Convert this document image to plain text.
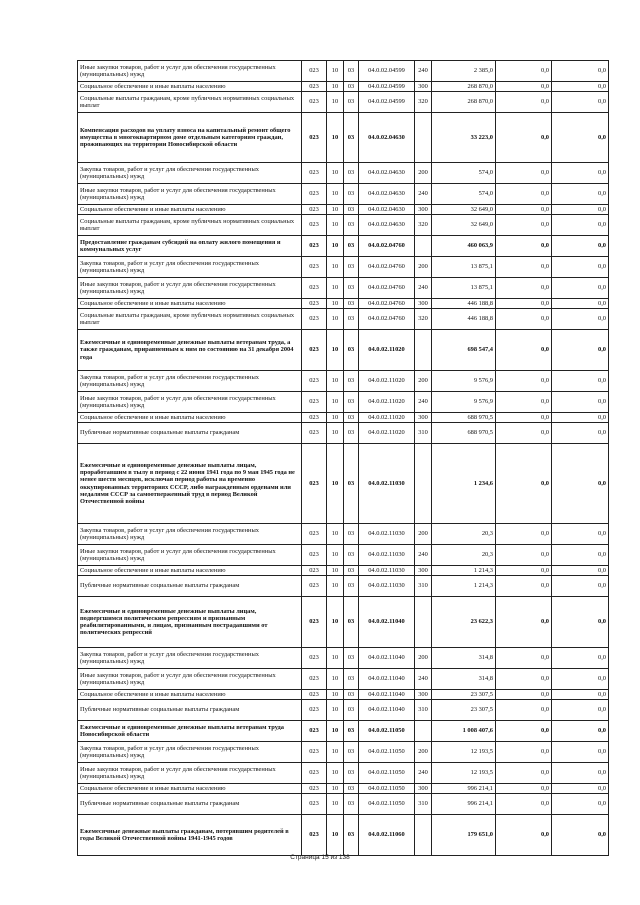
Иные закупки товаров, работ и услуг для обеспечения государственных (муниципальных) нужд	023	10	03	04.0.02.04599	240	2 385,0	0,0	0,0
Социальное обеспечение и иные выплаты населению	023	10	03	04.0.02.04599	300	268 870,0	0,0	0,0
Социальные выплаты гражданам, кроме публичных нормативных социальных выплат	023	10	03	04.0.02.04599	320	268 870,0	0,0	0,0
Компенсация расходов на уплату взноса на капитальный ремонт общего имущества в многоквартирном доме отдельным категориям граждан, проживающих на территории Новосибирской области	023	10	03	04.0.02.04630		33 223,0	0,0	0,0
Закупка товаров, работ и услуг для обеспечения государственных (муниципальных) нужд	023	10	03	04.0.02.04630	200	574,0	0,0	0,0
Иные закупки товаров, работ и услуг для обеспечения государственных (муниципальных) нужд	023	10	03	04.0.02.04630	240	574,0	0,0	0,0
Социальное обеспечение и иные выплаты населению	023	10	03	04.0.02.04630	300	32 649,0	0,0	0,0
Социальные выплаты гражданам, кроме публичных нормативных социальных выплат	023	10	03	04.0.02.04630	320	32 649,0	0,0	0,0
Предоставление гражданам субсидий на оплату жилого помещения и коммунальных услуг	023	10	03	04.0.02.04760		460 063,9	0,0	0,0
Закупка товаров, работ и услуг для обеспечения государственных (муниципальных) нужд	023	10	03	04.0.02.04760	200	13 875,1	0,0	0,0
Иные закупки товаров, работ и услуг для обеспечения государственных (муниципальных) нужд	023	10	03	04.0.02.04760	240	13 875,1	0,0	0,0
Социальное обеспечение и иные выплаты населению	023	10	03	04.0.02.04760	300	446 188,8	0,0	0,0
Социальные выплаты гражданам, кроме публичных нормативных социальных выплат	023	10	03	04.0.02.04760	320	446 188,8	0,0	0,0
Ежемесячные и единовременные денежные выплаты ветеранам труда, а также гражданам, приравненным к ним по состоянию на 31 декабря 2004 года	023	10	03	04.0.02.11020		698 547,4	0,0	0,0
Закупка товаров, работ и услуг для обеспечения государственных (муниципальных) нужд	023	10	03	04.0.02.11020	200	9 576,9	0,0	0,0
Иные закупки товаров, работ и услуг для обеспечения государственных (муниципальных) нужд	023	10	03	04.0.02.11020	240	9 576,9	0,0	0,0
Социальное обеспечение и иные выплаты населению	023	10	03	04.0.02.11020	300	688 970,5	0,0	0,0
Публичные нормативные социальные выплаты гражданам	023	10	03	04.0.02.11020	310	688 970,5	0,0	0,0
Ежемесячные и единовременные денежные выплаты лицам, проработавшим в тылу в период с 22 июня 1941 года по 9 мая 1945 года не менее шести месяцев, исключая период работы на временно оккупированных территориях СССР, либо награжденным орденами или медалями СССР за самоотверженный труд в период Великой Отечественной войны	023	10	03	04.0.02.11030		1 234,6	0,0	0,0
Закупка товаров, работ и услуг для обеспечения государственных (муниципальных) нужд	023	10	03	04.0.02.11030	200	20,3	0,0	0,0
Иные закупки товаров, работ и услуг для обеспечения государственных (муниципальных) нужд	023	10	03	04.0.02.11030	240	20,3	0,0	0,0
Социальное обеспечение и иные выплаты населению	023	10	03	04.0.02.11030	300	1 214,3	0,0	0,0
Публичные нормативные социальные выплаты гражданам	023	10	03	04.0.02.11030	310	1 214,3	0,0	0,0
Ежемесячные и единовременные денежные выплаты лицам, подвергшимся политическим репрессиям и признанным реабилитированными, и лицам, признанным пострадавшими от политических репрессий	023	10	03	04.0.02.11040		23 622,3	0,0	0,0
Закупка товаров, работ и услуг для обеспечения государственных (муниципальных) нужд	023	10	03	04.0.02.11040	200	314,8	0,0	0,0
Иные закупки товаров, работ и услуг для обеспечения государственных (муниципальных) нужд	023	10	03	04.0.02.11040	240	314,8	0,0	0,0
Социальное обеспечение и иные выплаты населению	023	10	03	04.0.02.11040	300	23 307,5	0,0	0,0
Публичные нормативные социальные выплаты гражданам	023	10	03	04.0.02.11040	310	23 307,5	0,0	0,0
Ежемесячные и единовременные денежные выплаты ветеранам труда Новосибирской области	023	10	03	04.0.02.11050		1 008 407,6	0,0	0,0
Закупка товаров, работ и услуг для обеспечения государственных (муниципальных) нужд	023	10	03	04.0.02.11050	200	12 193,5	0,0	0,0
Иные закупки товаров, работ и услуг для обеспечения государственных (муниципальных) нужд	023	10	03	04.0.02.11050	240	12 193,5	0,0	0,0
Социальное обеспечение и иные выплаты населению	023	10	03	04.0.02.11050	300	996 214,1	0,0	0,0
Публичные нормативные социальные выплаты гражданам	023	10	03	04.0.02.11050	310	996 214,1	0,0	0,0
Ежемесячные денежные выплаты гражданам, потерявшим родителей в годы Великой Отечественной войны 1941-1945 годов	023	10	03	04.0.02.11060		179 651,0	0,0	0,0
Страница 15 из 138
